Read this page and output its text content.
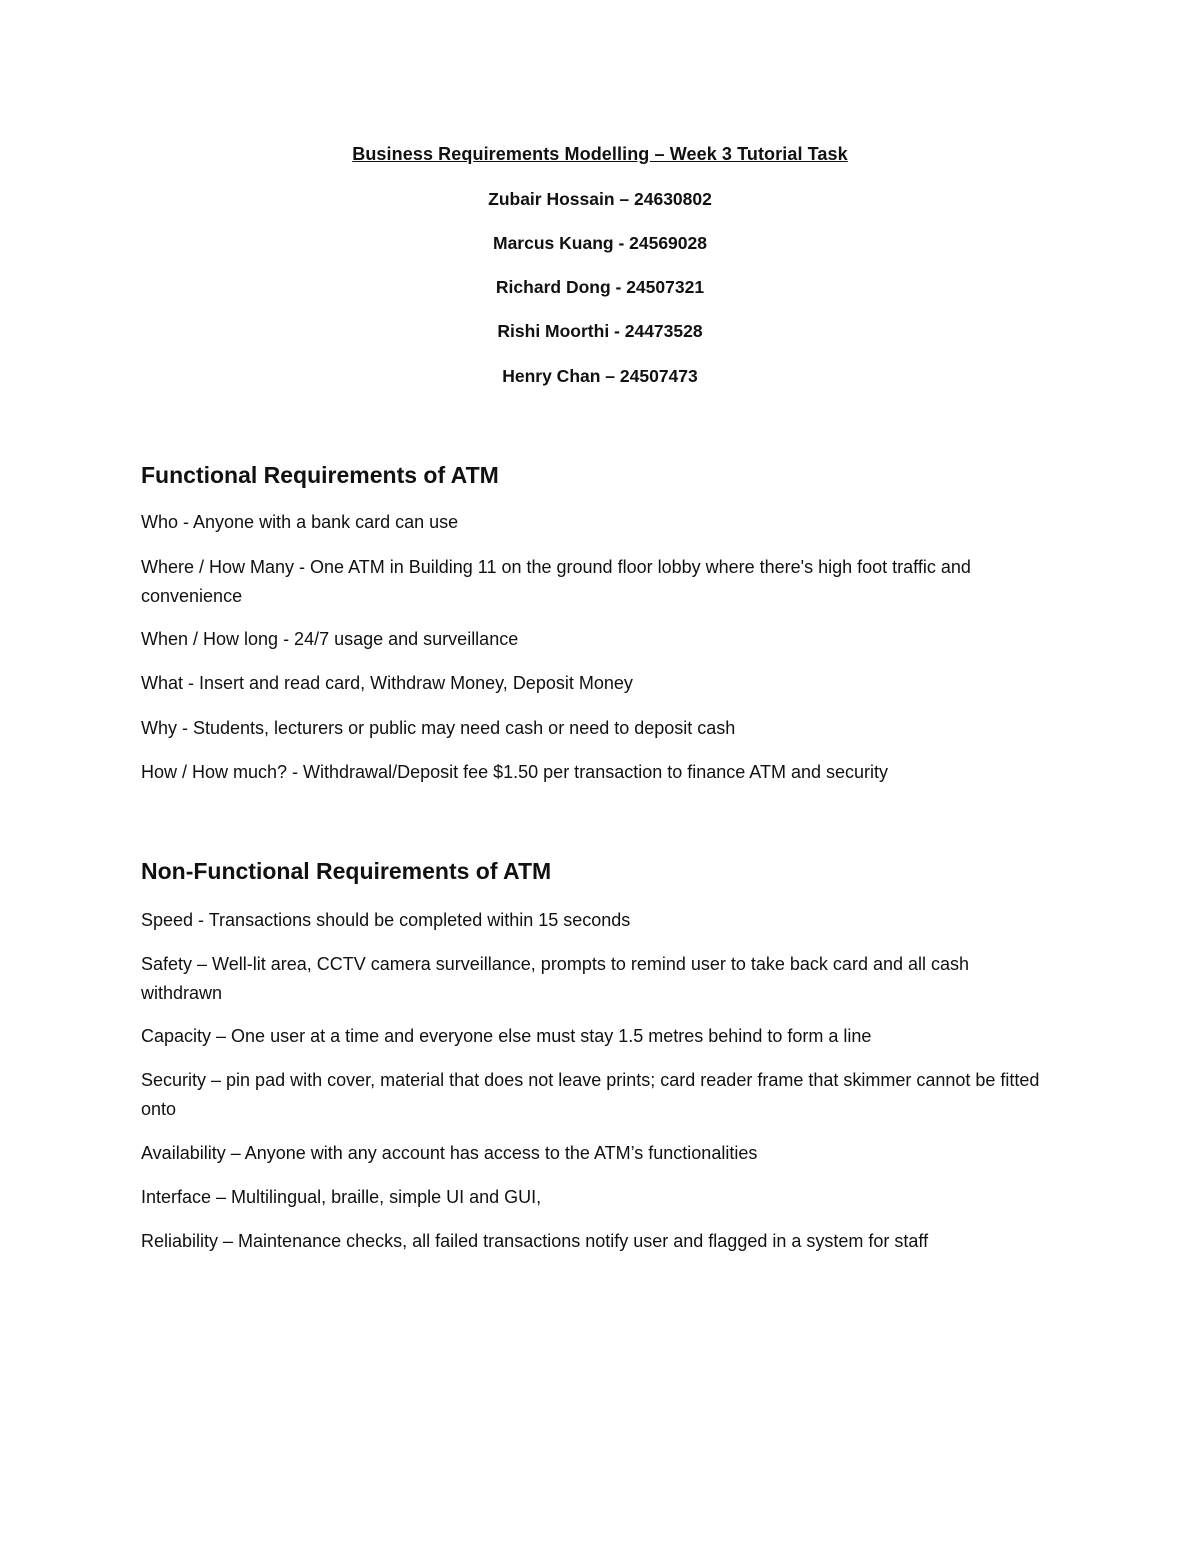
Business Requirements Modelling – Week 3 Tutorial Task
Zubair Hossain – 24630802
Marcus Kuang - 24569028
Richard Dong - 24507321
Rishi Moorthi - 24473528
Henry Chan – 24507473
Functional Requirements of ATM
Who - Anyone with a bank card can use
Where / How Many - One ATM in Building 11 on the ground floor lobby where there's high foot traffic and convenience
When / How long - 24/7 usage and surveillance
What - Insert and read card, Withdraw Money, Deposit Money
Why - Students, lecturers or public may need cash or need to deposit cash
How / How much? - Withdrawal/Deposit fee $1.50 per transaction to finance ATM and security
Non-Functional Requirements of ATM
Speed - Transactions should be completed within 15 seconds
Safety – Well-lit area, CCTV camera surveillance, prompts to remind user to take back card and all cash withdrawn
Capacity – One user at a time and everyone else must stay 1.5 metres behind to form a line
Security – pin pad with cover, material that does not leave prints; card reader frame that skimmer cannot be fitted onto
Availability – Anyone with any account has access to the ATM’s functionalities
Interface – Multilingual, braille, simple UI and GUI,
Reliability – Maintenance checks, all failed transactions notify user and flagged in a system for staff
